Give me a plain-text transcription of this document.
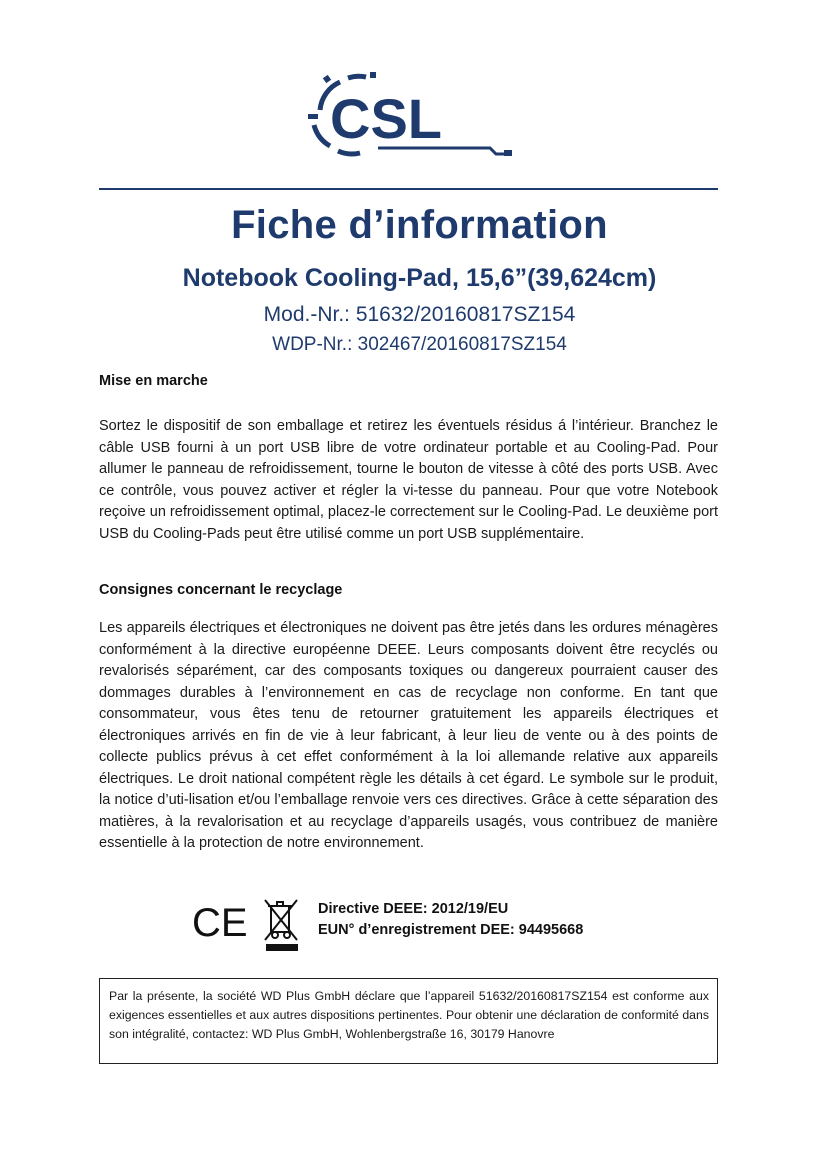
CSL
Fiche d’information
Notebook Cooling-Pad, 15,6”(39,624cm)
Mod.-Nr.: 51632/20160817SZ154
WDP-Nr.: 302467/20160817SZ154
Mise en marche

Sortez le dispositif de son emballage et retirez les éventuels résidus á l’intérieur. Branchez le câble USB fourni à un port USB libre de votre ordinateur portable et au Cooling-Pad. Pour allumer le panneau de refroidissement, tourne le bouton de vitesse à côté des ports USB. Avec ce contrôle, vous pouvez activer et régler la vi-tesse du panneau. Pour que votre Notebook reçoive un refroidissement optimal, placez-le correctement sur le Cooling-Pad. Le deuxième port USB du Cooling-Pads peut être utilisé comme un port USB supplémentaire.

Consignes concernant le recyclage

Les appareils électriques et électroniques ne doivent pas être jetés dans les ordures ménagères conformément à la directive européenne DEEE. Leurs composants doivent être recyclés ou revalorisés séparément, car des composants toxiques ou dangereux pourraient causer des dommages durables à l’environnement en cas de recyclage non conforme. En tant que consommateur, vous êtes tenu de retourner gratuitement les appareils électriques et électroniques arrivés en fin de vie à leur fabricant, à leur lieu de vente ou à des points de collecte publics prévus à cet effet conformément à la loi allemande relative aux appareils électriques. Le droit national compétent règle les détails à cet égard. Le symbole sur le produit, la notice d’uti-lisation et/ou l’emballage renvoie vers ces directives. Grâce à cette séparation des matières, à la revalorisation et au recyclage d’appareils usagés, vous contribuez de manière essentielle à la protection de notre environnement.

CE	Directive DEEE: 2012/19/EU
EUN° d’enregistrement DEE: 94495668

Par la présente, la société WD Plus GmbH déclare que l’appareil 51632/20160817SZ154 est conforme aux exigences essentielles et aux autres dispositions pertinentes. Pour obtenir une déclaration de conformité dans son intégralité, contactez: WD Plus GmbH, Wohlenbergstraße 16, 30179 Hanovre
